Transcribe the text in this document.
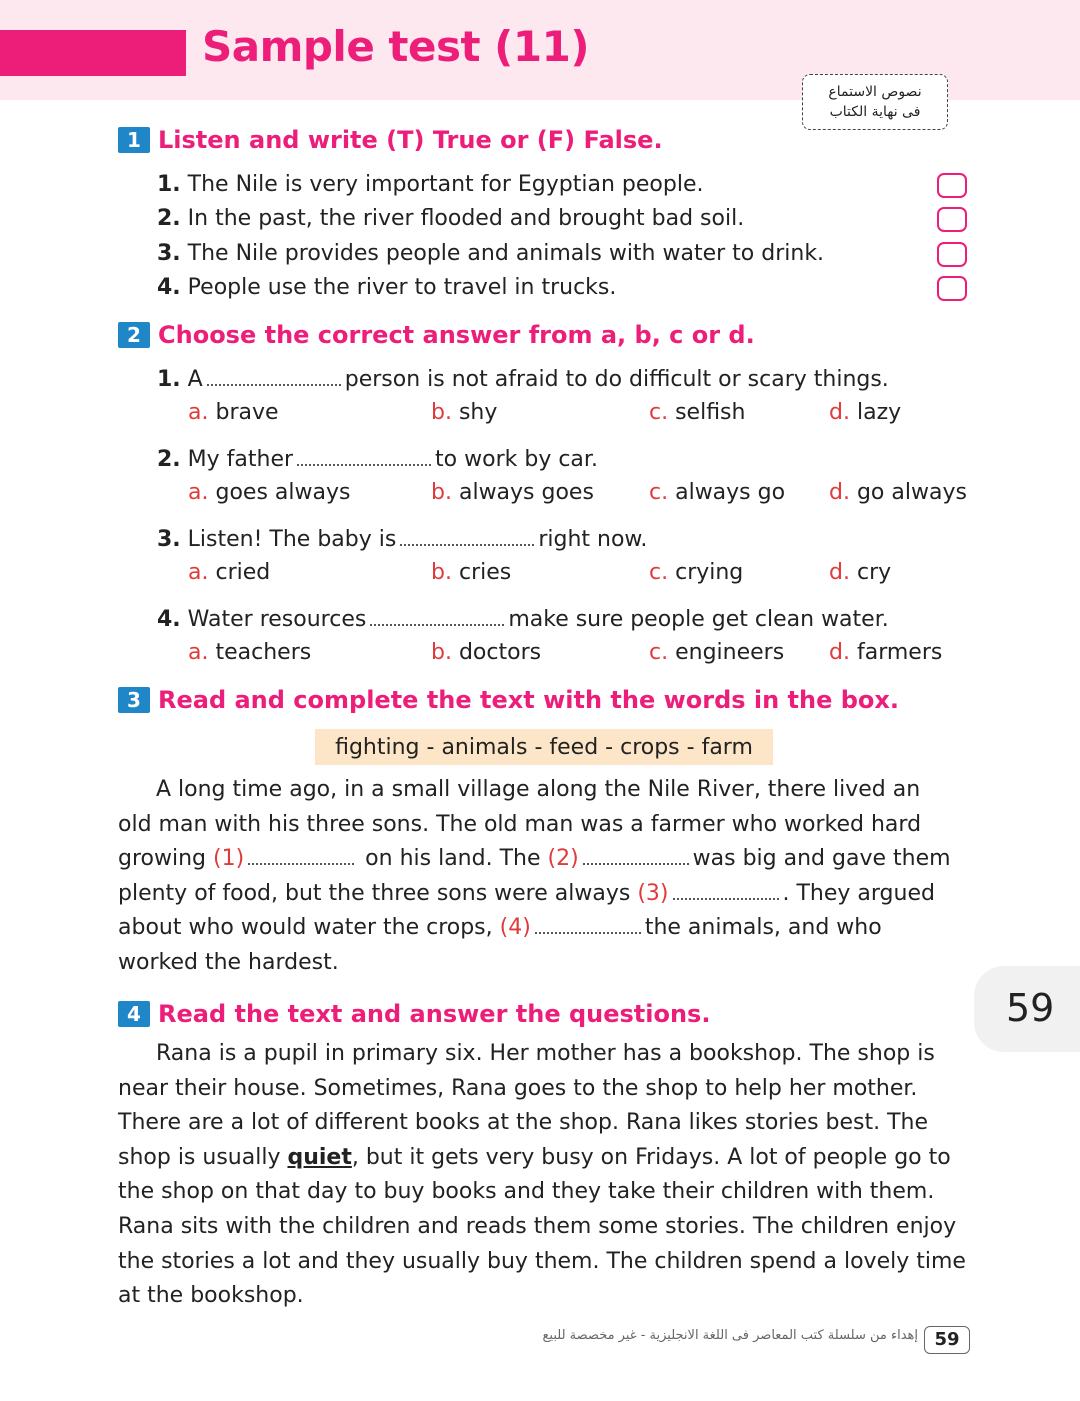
Sample test (11)
نصوص الاستماع
فى نهاية الكتاب
1 Listen and write (T) True or (F) False.
1. The Nile is very important for Egyptian people.
2. In the past, the river flooded and brought bad soil.
3. The Nile provides people and animals with water to drink.
4. People use the river to travel in trucks.
2 Choose the correct answer from a, b, c or d.
1. A	person is not afraid to do difficult or scary things.
a. brave	b. shy	c. selfish	d. lazy
2. My father	to work by car.
a. goes always	b. always goes	c. always go d. go always
3. Listen! The baby is	right now.
a. cried	b. cries	c. crying	d. cry
4. Water resources	make sure people get clean water.
a. teachers	b. doctors	c. engineers d. farmers
3 Read and complete the text with the words in the box.
fighting - animals - feed - crops - farm
A long time ago, in a small village along the Nile River, there lived an
old man with his three sons. The old man was a farmer who worked hard
growing (1)	on his land. The (2)	was big and gave them
plenty of food, but the three sons were always (3)	. They argued
about who would water the crops, (4)	the animals, and who
worked the hardest.
59
4 Read the text and answer the questions.
Rana is a pupil in primary six. Her mother has a bookshop. The shop is
near their house. Sometimes, Rana goes to the shop to help her mother.
There are a lot of different books at the shop. Rana likes stories best. The
shop is usually quiet, but it gets very busy on Fridays. A lot of people go to
the shop on that day to buy books and they take their children with them.
Rana sits with the children and reads them some stories. The children enjoy
the stories a lot and they usually buy them. The children spend a lovely time
at the bookshop.
إهداء من سلسلة كتب المعاصر فى اللغة الانجليزية - غير مخصصة للبيع 59
